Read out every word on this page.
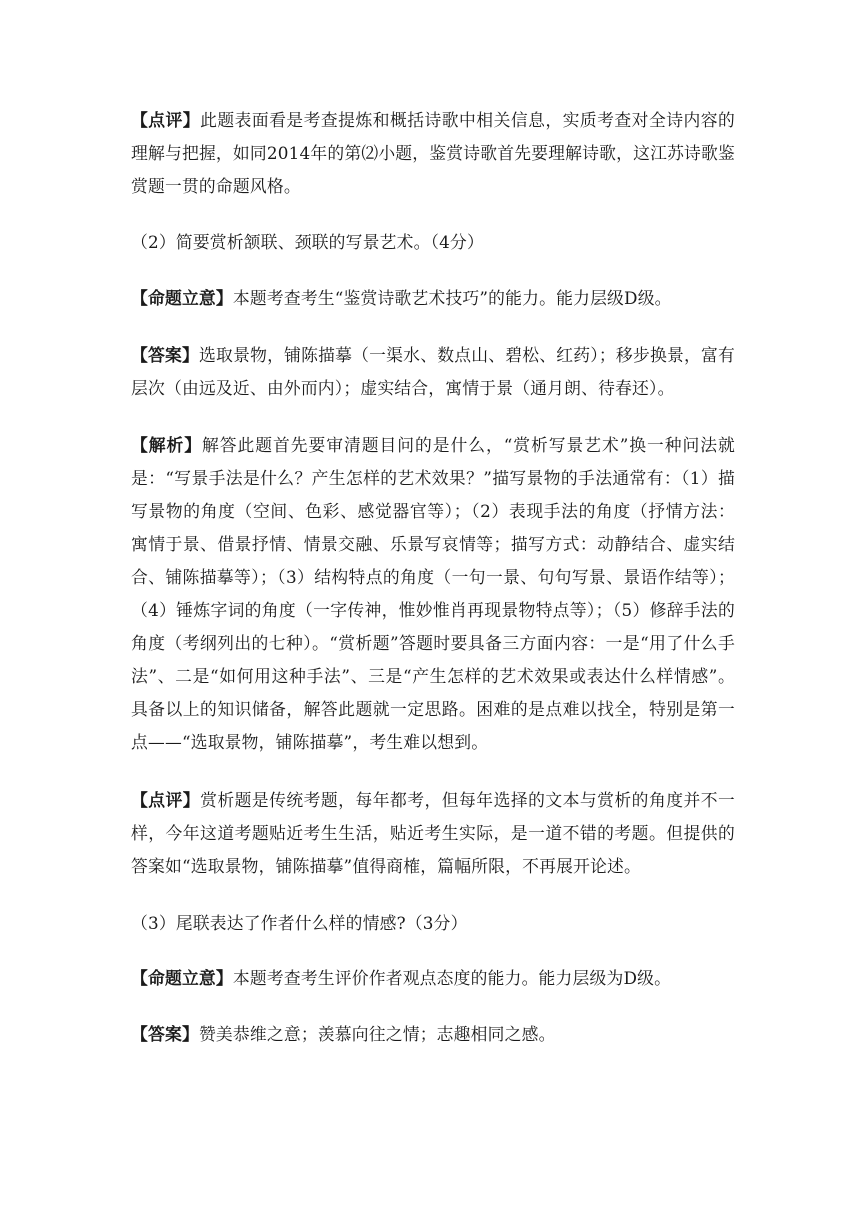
【点评】此题表面看是考查提炼和概括诗歌中相关信息，实质考查对全诗内容的理解与把握，如同2014年的第⑵小题，鉴赏诗歌首先要理解诗歌，这江苏诗歌鉴赏题一贯的命题风格。

（2）简要赏析颔联、颈联的写景艺术。（4分）

【命题立意】本题考查考生“鉴赏诗歌艺术技巧”的能力。能力层级D级。

【答案】选取景物，铺陈描摹（一渠水、数点山、碧松、红药）；移步换景，富有层次（由远及近、由外而内）；虚实结合，寓情于景（通月朗、待春还）。

【解析】解答此题首先要审清题目问的是什么，“赏析写景艺术”换一种问法就是：“写景手法是什么？产生怎样的艺术效果？”描写景物的手法通常有：（1）描写景物的角度（空间、色彩、感觉器官等）；（2）表现手法的角度（抒情方法：寓情于景、借景抒情、情景交融、乐景写哀情等；描写方式：动静结合、虚实结合、铺陈描摹等）；（3）结构特点的角度（一句一景、句句写景、景语作结等）；（4）锤炼字词的角度（一字传神，惟妙惟肖再现景物特点等）；（5）修辞手法的角度（考纲列出的七种）。“赏析题”答题时要具备三方面内容：一是“用了什么手法”、二是“如何用这种手法”、三是“产生怎样的艺术效果或表达什么样情感”。具备以上的知识储备，解答此题就一定思路。困难的是点难以找全，特别是第一点——“选取景物，铺陈描摹”，考生难以想到。

【点评】赏析题是传统考题，每年都考，但每年选择的文本与赏析的角度并不一样，今年这道考题贴近考生生活，贴近考生实际，是一道不错的考题。但提供的答案如“选取景物，铺陈描摹”值得商榷，篇幅所限，不再展开论述。

（3）尾联表达了作者什么样的情感?（3分）

【命题立意】本题考查考生评价作者观点态度的能力。能力层级为D级。

【答案】赞美恭维之意；羡慕向往之情；志趣相同之感。
